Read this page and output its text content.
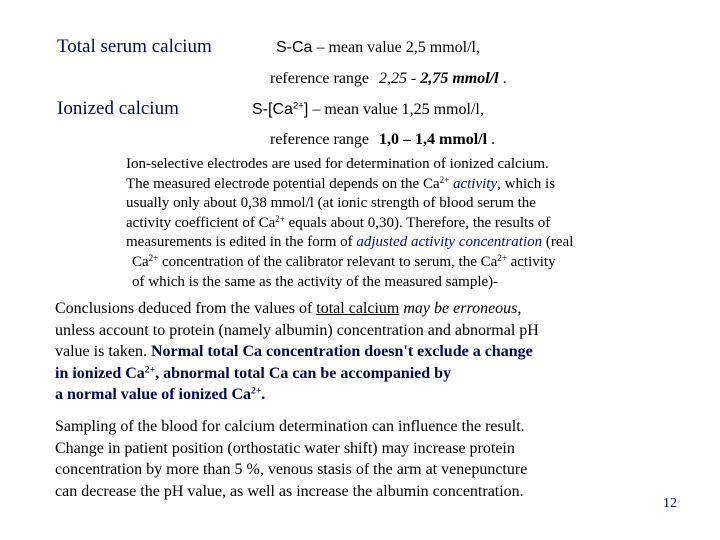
Total serum calcium	S-Ca – mean value 2,5 mmol/l,
reference range 2,25 - 2,75 mmol/l .
Ionized calcium	$S-[Ca^{2+}]$ – mean value 1,25 mmol/l,
reference range 1,0 – 1,4 mmol/l .
Ion-selective electrodes are used for determination of ionized calcium.
The measured electrode potential depends on the $Ca^{2+}$ activity, which is
usually only about 0,38 mmol/l (at ionic strength of blood serum the
activity coefficient of $Ca^{2+}$ equals about 0,30). Therefore, the results of
measurements is edited in the form of adjusted activity concentration (real
$Ca^{2+}$ concentration of the calibrator relevant to serum, the $Ca^{2+}$ activity
of which is the same as the activity of the measured sample)-
Conclusions deduced from the values of total calcium may be erroneous,
unless account to protein (namely albumin) concentration and abnormal pH
value is taken. Normal total Ca concentration doesn't exclude a change
in ionized $Ca^{2+}$, abnormal total Ca can be accompanied by
a normal value of ionized $Ca^{2+}$.
Sampling of the blood for calcium determination can influence the result.
Change in patient position (orthostatic water shift) may increase protein
concentration by more than 5 %, venous stasis of the arm at venepuncture
can decrease the pH value, as well as increase the albumin concentration.
12
